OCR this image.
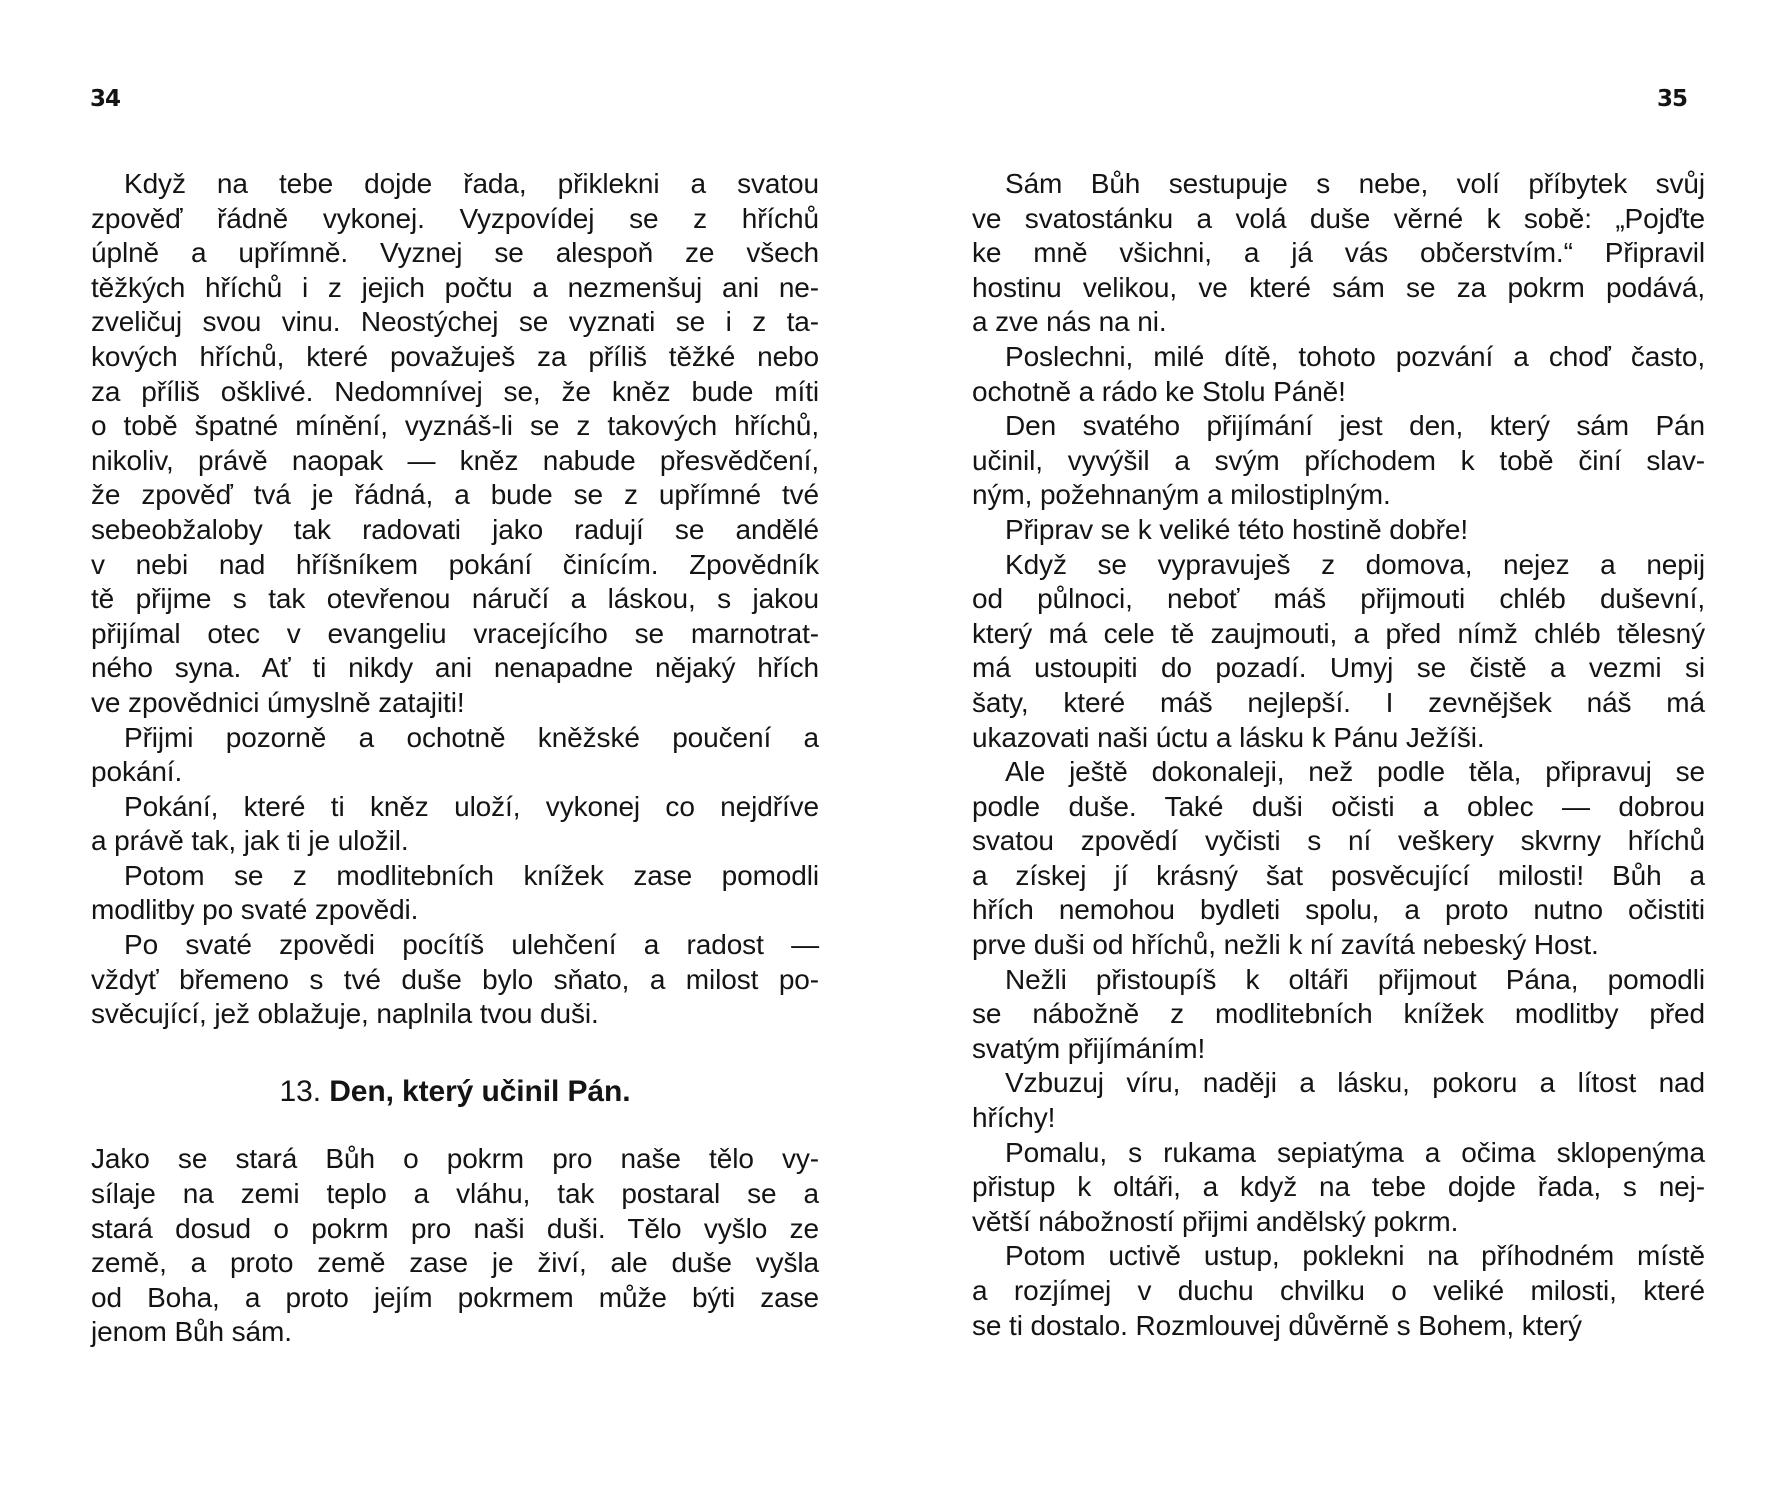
34	35
Když na tebe dojde řada, přiklekni a svatou
zpověď řádně vykonej. Vyzpovídej se z hříchů
úplně a upřímně. Vyznej se alespoň ze všech
těžkých hříchů i z jejich počtu a nezmenšuj ani ne-
zveličuj svou vinu. Neostýchej se vyznati se i z ta-
kových hříchů, které považuješ za příliš těžké nebo
za příliš ošklivé. Nedomnívej se, že kněz bude míti
o tobě špatné mínění, vyznáš-li se z takových hříchů,
nikoliv, právě naopak — kněz nabude přesvědčení,
že zpověď tvá je řádná, a bude se z upřímné tvé
sebeobžaloby tak radovati jako radují se andělé
v nebi nad hříšníkem pokání činícím. Zpovědník
tě přijme s tak otevřenou náručí a láskou, s jakou
přijímal otec v evangeliu vracejícího se marnotrat-
ného syna. Ať ti nikdy ani nenapadne nějaký hřích
ve zpovědnici úmyslně zatajiti!
Přijmi pozorně a ochotně kněžské poučení a
pokání.
Pokání, které ti kněz uloží, vykonej co nejdříve
a právě tak, jak ti je uložil.
Potom se z modlitebních knížek zase pomodli
modlitby po svaté zpovědi.
Po svaté zpovědi pocítíš ulehčení a radost —
vždyť břemeno s tvé duše bylo sňato, a milost po-
svěcující, jež oblažuje, naplnila tvou duši.
13. Den, který učinil Pán.
Jako se stará Bůh o pokrm pro naše tělo vy-
sílaje na zemi teplo a vláhu, tak postaral se a
stará dosud o pokrm pro naši duši. Tělo vyšlo ze
země, a proto země zase je živí, ale duše vyšla
od Boha, a proto jejím pokrmem může býti zase
jenom Bůh sám.
Sám Bůh sestupuje s nebe, volí příbytek svůj
ve svatostánku a volá duše věrné k sobě: „Pojďte
ke mně všichni, a já vás občerstvím.“ Připravil
hostinu velikou, ve které sám se za pokrm podává,
a zve nás na ni.
Poslechni, milé dítě, tohoto pozvání a choď často,
ochotně a rádo ke Stolu Páně!
Den svatého přijímání jest den, který sám Pán
učinil, vyvýšil a svým příchodem k tobě činí slav-
ným, požehnaným a milostiplným.
Připrav se k veliké této hostině dobře!
Když se vypravuješ z domova, nejez a nepij
od půlnoci, neboť máš přijmouti chléb duševní,
který má cele tě zaujmouti, a před nímž chléb tělesný
má ustoupiti do pozadí. Umyj se čistě a vezmi si
šaty, které máš nejlepší. I zevnějšek náš má
ukazovati naši úctu a lásku k Pánu Ježíši.
Ale ještě dokonaleji, než podle těla, připravuj se
podle duše. Také duši očisti a oblec — dobrou
svatou zpovědí vyčisti s ní veškery skvrny hříchů
a získej jí krásný šat posvěcující milosti! Bůh a
hřích nemohou bydleti spolu, a proto nutno očistiti
prve duši od hříchů, nežli k ní zavítá nebeský Host.
Nežli přistoupíš k oltáři přijmout Pána, pomodli
se nábožně z modlitebních knížek modlitby před
svatým přijímáním!
Vzbuzuj víru, naději a lásku, pokoru a lítost nad
hříchy!
Pomalu, s rukama sepiatýma a očima sklopenýma
přistup k oltáři, a když na tebe dojde řada, s nej-
větší nábožností přijmi andělský pokrm.
Potom uctivě ustup, poklekni na příhodném místě
a rozjímej v duchu chvilku o veliké milosti, které
se ti dostalo. Rozmlouvej důvěrně s Bohem, který
